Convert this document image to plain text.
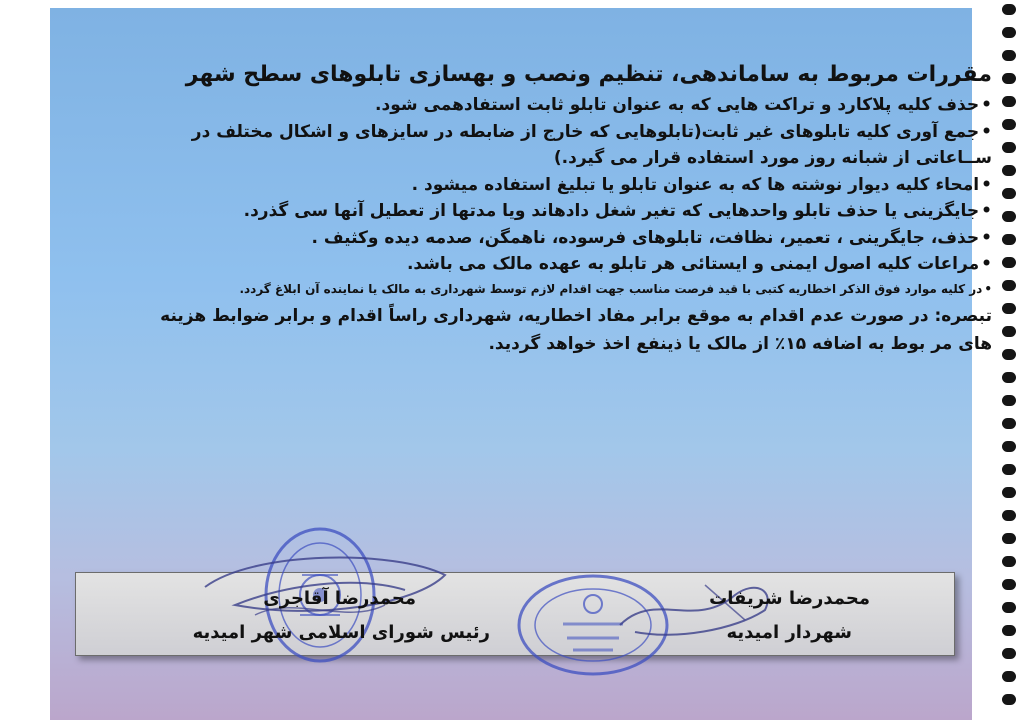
مقررات مربوط به ساماندهی، تنظیم ونصب و بهسازی تابلوهای سطح شهر
• حذف کلیه پلاکارد و تراکت هایی که به عنوان تابلو ثابت استفادهمی شود.
• جمع آوری کلیه تابلوهای غیر ثابت(تابلوهایی که خارج از ضابطه در سایزهای و اشکال مختلف در ســاعاتی از شبانه روز مورد استفاده قرار می گیرد.)
• امحاء کلیه دیوار نوشته ها که به عنوان تابلو یا تبلیغ استفاده میشود .
• جایگزینی یا حذف تابلو واحدهایی که تغیر شغل دادهاند ویا مدتها از تعطیل آنها سی گذرد.
• حذف، جایگرینی ، تعمیر، نظافت، تابلوهای فرسوده، ناهمگن، صدمه دیده وکثیف .
• مراعات کلیه اصول ایمنی و ایستائی هر تابلو به عهده مالک می باشد.
• در کلیه موارد فوق الذکر اخطاریه کتبی با قید فرصت مناسب جهت اقدام لازم توسط شهرداری به مالک یا نماینده آن ابلاغ گردد.
تبصره: در صورت عدم اقدام به موقع برابر مفاد اخطاریه، شهرداری راساً اقدام و برابر ضوابط هزینه های مر بوط به اضافه ۱۵٪ از مالک یا ذینفع اخذ خواهد گردید.
محمدرضا آقاجری
رئیس شورای اسلامی شهر امیدیه
محمدرضا شریفات
شهردار امیدیه
